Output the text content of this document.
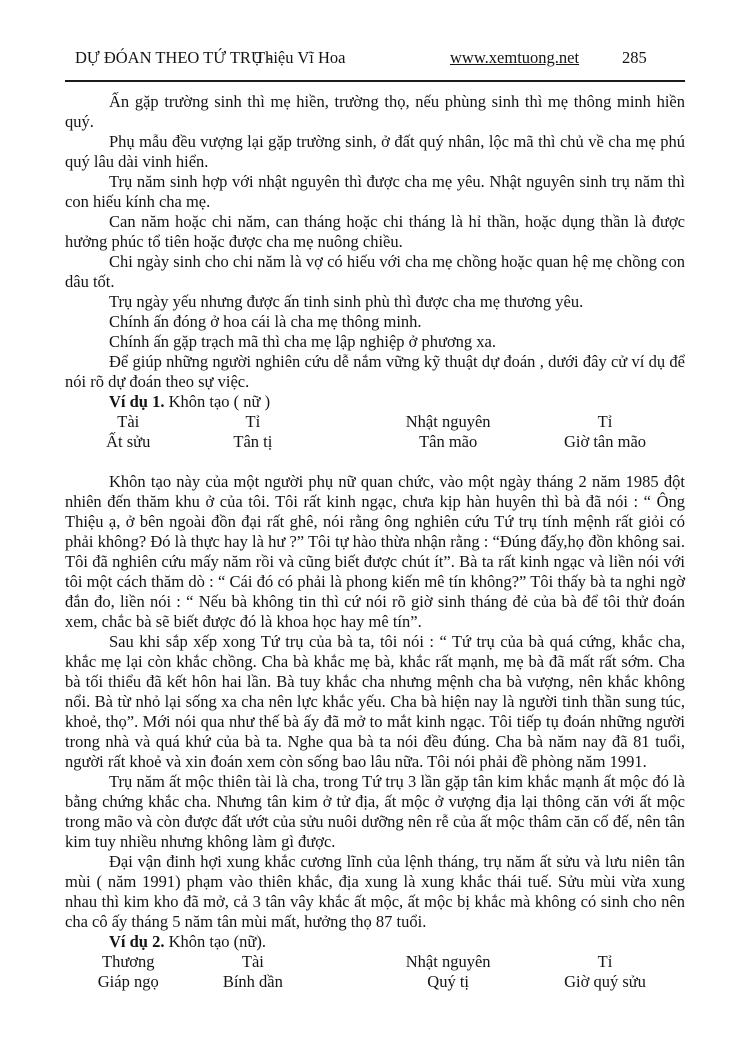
DỰ ĐÓAN THEO TỨ TRỤ -
Thiệu Vĩ Hoa	www.xemtuong.net	285

Ấn gặp trường sinh thì mẹ hiền, trường thọ, nếu phùng sinh thì mẹ thông minh hiền quý.

Phụ mẫu đều vượng lại gặp trường sinh, ở đất quý nhân, lộc mã thì chủ về cha mẹ phú quý lâu dài vinh hiển.

Trụ năm sinh hợp với nhật nguyên thì được cha mẹ yêu. Nhật nguyên sinh trụ năm thì con hiếu kính cha mẹ.

Can năm hoặc chi năm, can tháng hoặc chi tháng là hỉ thần, hoặc dụng thần là được hưởng phúc tổ tiên hoặc được cha mẹ nuông chiều.

Chi ngày sinh cho chi năm là vợ có hiếu với cha mẹ chồng hoặc quan hệ mẹ chồng con dâu tốt.

Trụ ngày yếu nhưng được ấn tinh sinh phù thì được cha mẹ thương yêu.

Chính ấn đóng ở hoa cái là cha mẹ thông minh.

Chính ấn gặp trạch mã thì cha mẹ lập nghiệp ở phương xa.

Để giúp những người nghiên cứu dễ nắm vững kỹ thuật dự đoán , dưới đây cử ví dụ để nói rõ dự đoán theo sự việc.

Ví dụ 1. Khôn tạo ( nữ )

Tài	Tỉ	Nhật nguyên	Tỉ
Ất sửu	Tân tị	Tân mão	Giờ tân mão

Khôn tạo này của một người phụ nữ quan chức, vào một ngày tháng 2 năm 1985 đột nhiên đến thăm khu ở của tôi. Tôi rất kinh ngạc, chưa kịp hàn huyên thì bà đã nói : “ Ông Thiệu ạ, ở bên ngoài đồn đại rất ghê, nói rằng ông nghiên cứu Tứ trụ tính mệnh rất giỏi có phải không? Đó là thực hay là hư ?” Tôi tự hào thừa nhận rằng : “Đúng đấy,họ đồn không sai. Tôi đã nghiên cứu mấy năm rồi và cũng biết được chút ít”. Bà ta rất kinh ngạc và liền nói với tôi một cách thăm dò : “ Cái đó có phải là phong kiến mê tín không?” Tôi thấy bà ta nghi ngờ đắn đo, liền nói : “ Nếu bà không tin thì cứ nói rõ giờ sinh tháng đẻ của bà để tôi thử đoán xem, chắc bà sẽ biết được đó là khoa học hay mê tín”.

Sau khi sắp xếp xong Tứ trụ của bà ta, tôi nói : “ Tứ trụ của bà quá cứng, khắc cha, khắc mẹ lại còn khắc chồng. Cha bà khắc mẹ bà, khắc rất mạnh, mẹ bà đã mất rất sớm. Cha bà tối thiểu đã kết hôn hai lần. Bà tuy khắc cha nhưng mệnh cha bà vượng, nên khắc không nổi. Bà từ nhỏ lại sống xa cha nên lực khắc yếu. Cha bà hiện nay là người tinh thần sung túc, khoẻ, thọ”. Mới nói qua như thế bà ấy đã mở to mắt kinh ngạc. Tôi tiếp tụ đoán những người trong nhà và quá khứ của bà ta. Nghe qua bà ta nói đều đúng. Cha bà năm nay đã 81 tuổi, người rất khoẻ và xin đoán xem còn sống bao lâu nữa. Tôi nói phải đề phòng năm 1991.

Trụ năm ất mộc thiên tài là cha, trong Tứ trụ 3 lần gặp tân kim khắc mạnh ất mộc đó là bằng chứng khắc cha. Nhưng tân kim ở tử địa, ất mộc ở vượng địa lại thông căn với ất mộc trong mão và còn được đất ướt của sửu nuôi dưỡng nên rễ của ất mộc thâm căn cố đế, nên tân kim tuy nhiều nhưng không làm gì được.

Đại vận đinh hợi xung khắc cương lĩnh của lệnh tháng, trụ năm ất sửu và lưu niên tân mùi ( năm 1991) phạm vào thiên khắc, địa xung là xung khắc thái tuế. Sửu mùi vừa xung nhau thì kim kho đã mở, cả 3 tân vây khắc ất mộc, ất mộc bị khắc mà không có sinh cho nên cha cô ấy tháng 5 năm tân mùi mất, hưởng thọ 87 tuổi.

Ví dụ 2. Khôn tạo (nữ).

Thương	Tài	Nhật nguyên	Tỉ
Giáp ngọ	Bính dần	Quý tị	Giờ quý sửu
